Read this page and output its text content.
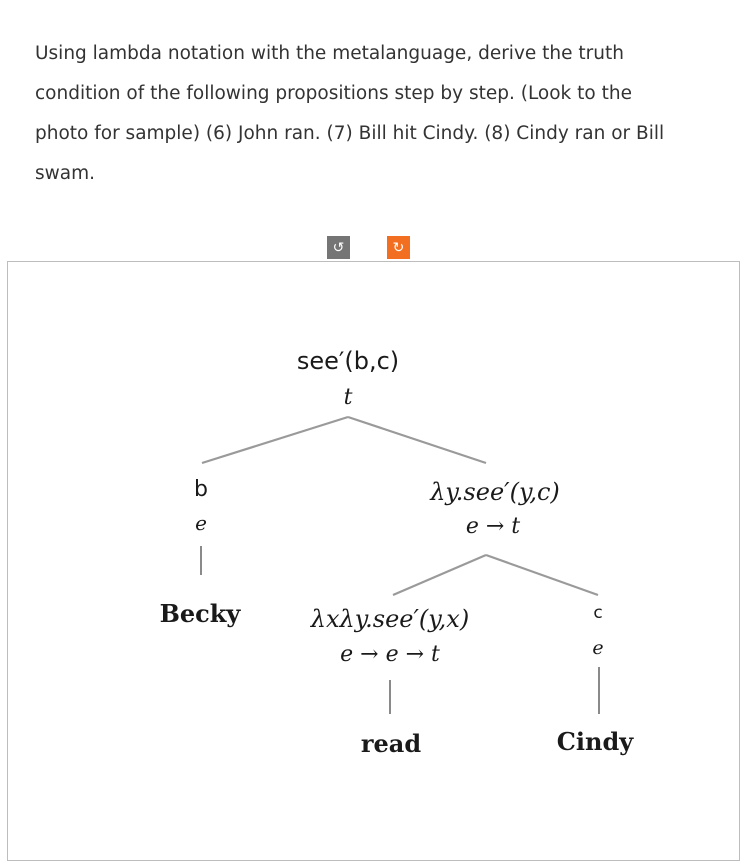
Using lambda notation with the metalanguage, derive the truth condition of the following propositions step by step. (Look to the photo for sample) (6) John ran. (7) Bill hit Cindy. (8) Cindy ran or Bill swam.
↺	↻
see′(b,c)
t
b
e
Becky
λy.see′(y,c)
e → t
λxλy.see′(y,x)
e → e → t
read
c
e
Cindy
